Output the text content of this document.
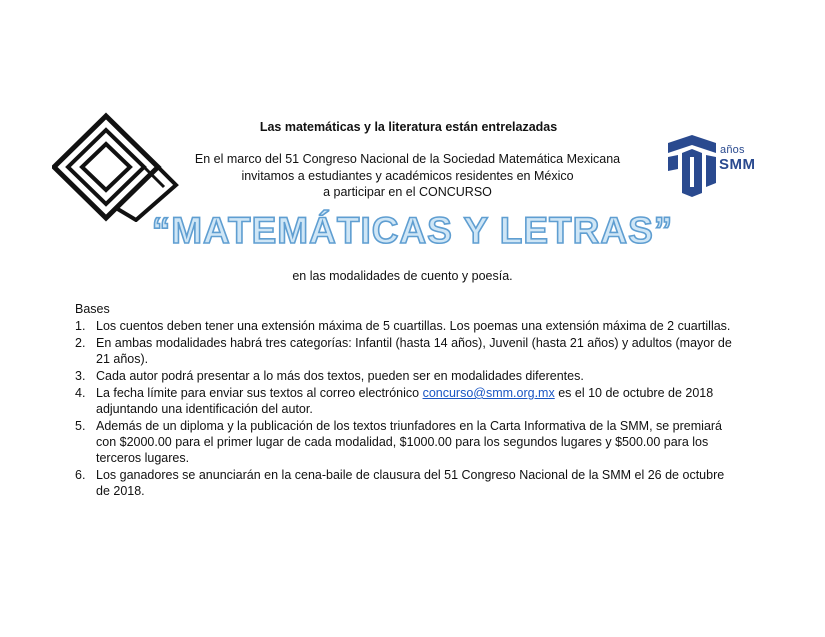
años
SMM
Las matemáticas y la literatura están entrelazadas
En el marco del 51 Congreso Nacional de la Sociedad Matemática Mexicana
invitamos a estudiantes y académicos residentes en México
a participar en el CONCURSO
“MATEMÁTICAS Y LETRAS”
en las modalidades de cuento y poesía.
Bases
1. Los cuentos deben tener una extensión máxima de 5 cuartillas. Los poemas una extensión máxima de 2 cuartillas.
2. En ambas modalidades habrá tres categorías: Infantil (hasta 14 años), Juvenil (hasta 21 años) y adultos (mayor de 21 años).
3. Cada autor podrá presentar a lo más dos textos, pueden ser en modalidades diferentes.
4. La fecha límite para enviar sus textos al correo electrónico concurso@smm.org.mx es el 10 de octubre de 2018 adjuntando una identificación del autor.
5. Además de un diploma y la publicación de los textos triunfadores en la Carta Informativa de la SMM, se premiará con $2000.00 para el primer lugar de cada modalidad, $1000.00 para los segundos lugares y $500.00 para los terceros lugares.
6. Los ganadores se anunciarán en la cena-baile de clausura del 51 Congreso Nacional de la SMM el 26 de octubre de 2018.
